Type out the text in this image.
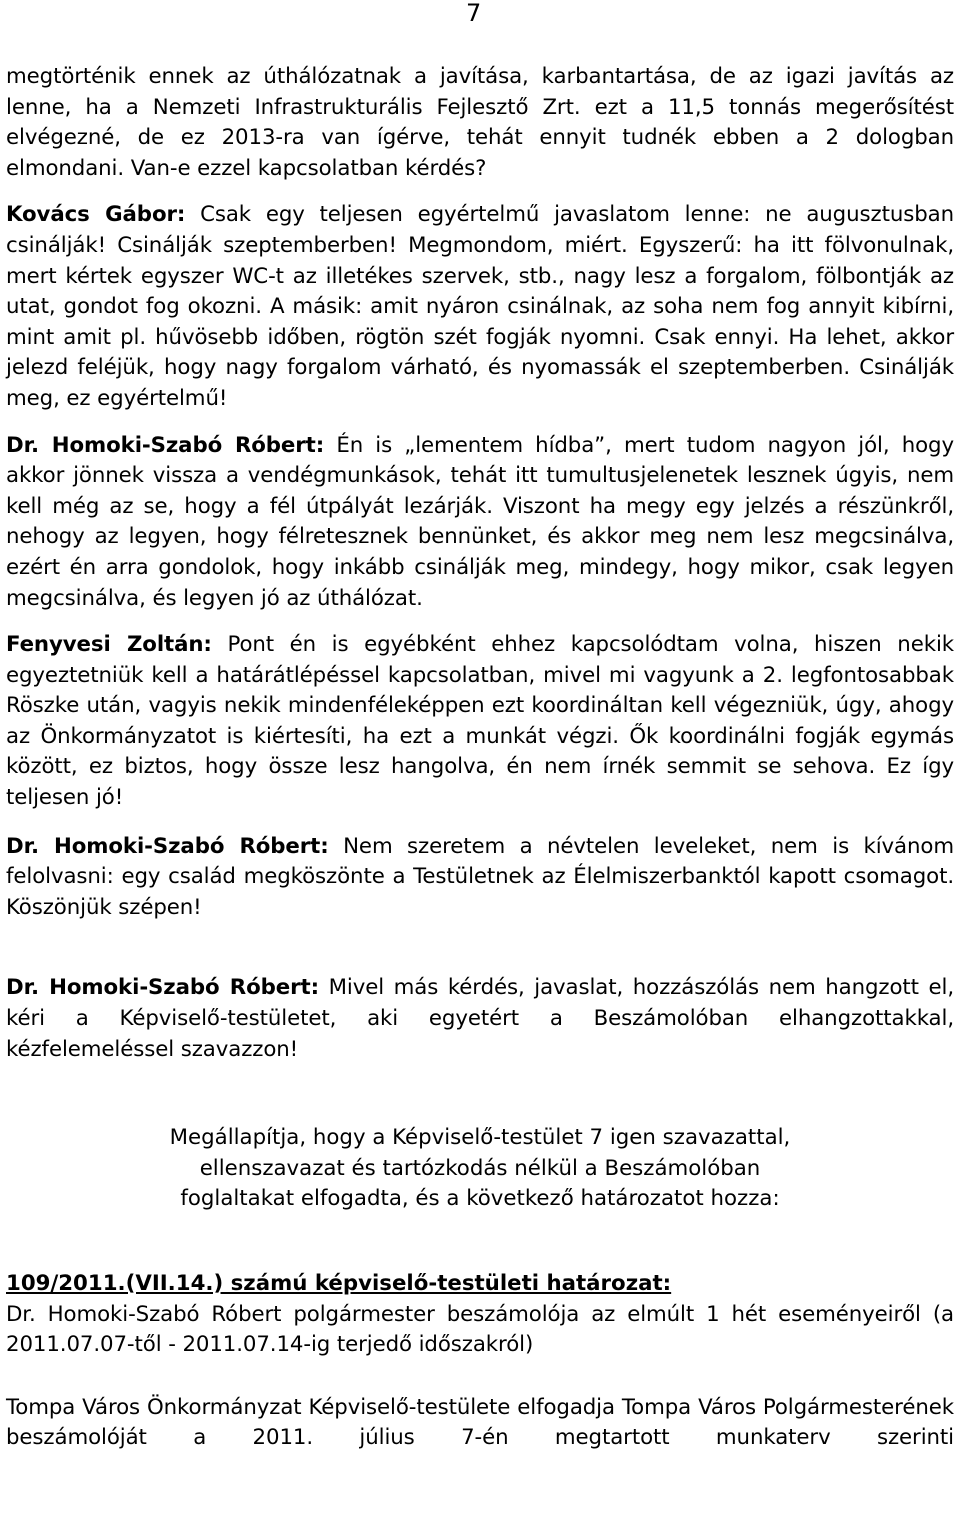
7

megtörténik ennek az úthálózatnak a javítása, karbantartása, de az igazi javítás az lenne, ha a Nemzeti Infrastrukturális Fejlesztő Zrt. ezt a 11,5 tonnás megerősítést elvégezné, de ez 2013-ra van ígérve, tehát ennyit tudnék ebben a 2 dologban elmondani. Van-e ezzel kapcsolatban kérdés?

Kovács Gábor: Csak egy teljesen egyértelmű javaslatom lenne: ne augusztusban csinálják! Csinálják szeptemberben! Megmondom, miért. Egyszerű: ha itt fölvonulnak, mert kértek egyszer WC-t az illetékes szervek, stb., nagy lesz a forgalom, fölbontják az utat, gondot fog okozni. A másik: amit nyáron csinálnak, az soha nem fog annyit kibírni, mint amit pl. hűvösebb időben, rögtön szét fogják nyomni. Csak ennyi. Ha lehet, akkor jelezd feléjük, hogy nagy forgalom várható, és nyomassák el szeptemberben. Csinálják meg, ez egyértelmű!

Dr. Homoki-Szabó Róbert: Én is „lementem hídba”, mert tudom nagyon jól, hogy akkor jönnek vissza a vendégmunkások, tehát itt tumultusjelenetek lesznek úgyis, nem kell még az se, hogy a fél útpályát lezárják. Viszont ha megy egy jelzés a részünkről, nehogy az legyen, hogy félretesznek bennünket, és akkor meg nem lesz megcsinálva, ezért én arra gondolok, hogy inkább csinálják meg, mindegy, hogy mikor, csak legyen megcsinálva, és legyen jó az úthálózat.

Fenyvesi Zoltán: Pont én is egyébként ehhez kapcsolódtam volna, hiszen nekik egyeztetniük kell a határátlépéssel kapcsolatban, mivel mi vagyunk a 2. legfontosabbak Röszke után, vagyis nekik mindenféleképpen ezt koordináltan kell végezniük, úgy, ahogy az Önkormányzatot is kiértesíti, ha ezt a munkát végzi. Ők koordinálni fogják egymás között, ez biztos, hogy össze lesz hangolva, én nem írnék semmit se sehova. Ez így teljesen jó!

Dr. Homoki-Szabó Róbert: Nem szeretem a névtelen leveleket, nem is kívánom felolvasni: egy család megköszönte a Testületnek az Élelmiszerbanktól kapott csomagot. Köszönjük szépen!

Dr. Homoki-Szabó Róbert: Mivel más kérdés, javaslat, hozzászólás nem hangzott el, kéri a Képviselő-testületet, aki egyetért a Beszámolóban elhangzottakkal, kézfelemeléssel szavazzon!

Megállapítja, hogy a Képviselő-testület 7 igen szavazattal,
ellenszavazat és tartózkodás nélkül a Beszámolóban
foglaltakat elfogadta, és a következő határozatot hozza:

109/2011.(VII.14.) számú képviselő-testületi határozat:

Dr. Homoki-Szabó Róbert polgármester beszámolója az elmúlt 1 hét eseményeiről (a 2011.07.07-től - 2011.07.14-ig terjedő időszakról)

Tompa Város Önkormányzat Képviselő-testülete elfogadja Tompa Város Polgármesterének beszámolóját a 2011. július 7-én megtartott munkaterv szerinti
